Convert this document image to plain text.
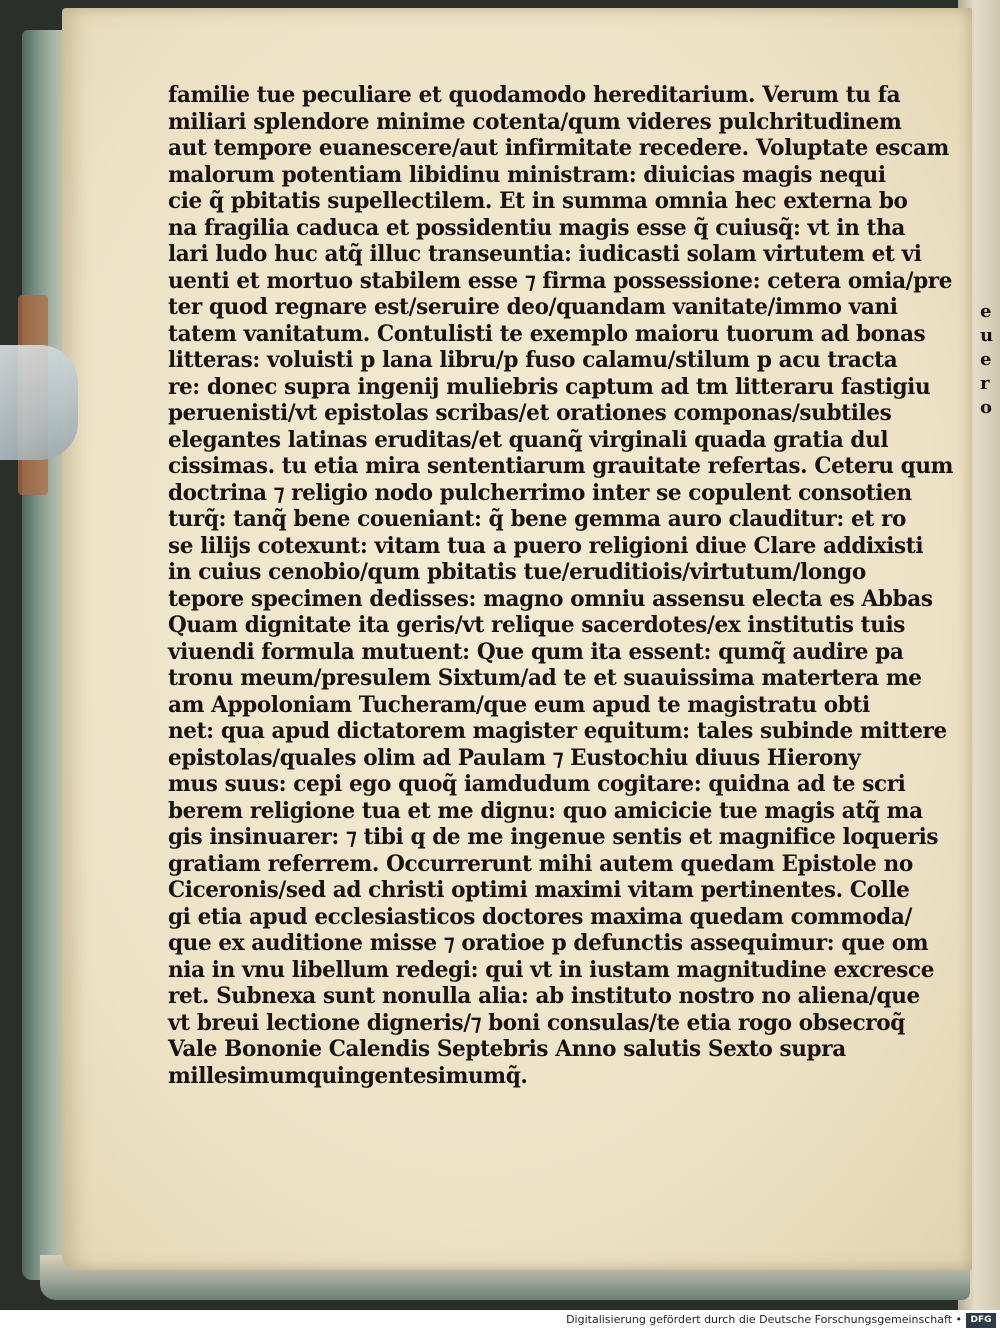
e
u
e
r
o
familie tue peculiare et quodamodo hereditarium. Verum tu fa
miliari splendore minime cotenta/qum videres pulchritudinem
aut tempore euanescere/aut infirmitate recedere. Voluptate escam
malorum potentiam libidinu ministram: diuicias magis nequi
cie q̃ pbitatis supellectilem. Et in summa omnia hec externa bo
na fragilia caduca et possidentiu magis esse q̃ cuiusq̃: vt in tha
lari ludo huc atq̃ illuc transeuntia: iudicasti solam virtutem et vi
uenti et mortuo stabilem esse ⁊ firma possessione: cetera omia/pre
ter quod regnare est/seruire deo/quandam vanitate/immo vani
tatem vanitatum. Contulisti te exemplo maioru tuorum ad bonas
litteras: voluisti p lana libru/p fuso calamu/stilum p acu tracta
re: donec supra ingenij muliebris captum ad tm litteraru fastigiu
peruenisti/vt epistolas scribas/et orationes componas/subtiles
elegantes latinas eruditas/et quanq̃ virginali quada gratia dul
cissimas. tu etia mira sententiarum grauitate refertas. Ceteru qum
doctrina ⁊ religio nodo pulcherrimo inter se copulent consotien
turq̃: tanq̃ bene coueniant: q̃ bene gemma auro clauditur: et ro
se lilijs cotexunt: vitam tua a puero religioni diue Clare addixisti
in cuius cenobio/qum pbitatis tue/eruditiois/virtutum/longo
tepore specimen dedisses: magno omniu assensu electa es Abbas
Quam dignitate ita geris/vt relique sacerdotes/ex institutis tuis
viuendi formula mutuent: Que qum ita essent: qumq̃ audire pa
tronu meum/presulem Sixtum/ad te et suauissima matertera me
am Appoloniam Tucheram/que eum apud te magistratu obti
net: qua apud dictatorem magister equitum: tales subinde mittere
epistolas/quales olim ad Paulam ⁊ Eustochiu diuus Hierony
mus suus: cepi ego quoq̃ iamdudum cogitare: quidna ad te scri
berem religione tua et me dignu: quo amicicie tue magis atq̃ ma
gis insinuarer: ⁊ tibi q de me ingenue sentis et magnifice loqueris
gratiam referrem. Occurrerunt mihi autem quedam Epistole no
Ciceronis/sed ad christi optimi maximi vitam pertinentes. Colle
gi etia apud ecclesiasticos doctores maxima quedam commoda/
que ex auditione misse ⁊ oratioe p defunctis assequimur: que om
nia in vnu libellum redegi: qui vt in iustam magnitudine excresce
ret. Subnexa sunt nonulla alia: ab instituto nostro no aliena/que
vt breui lectione digneris/⁊ boni consulas/te etia rogo obsecroq̃
Vale Bononie Calendis Septebris Anno salutis Sexto supra
millesimumquingentesimumq̃.
Digitalisierung gefördert durch die Deutsche Forschungsgemeinschaft • DFG
